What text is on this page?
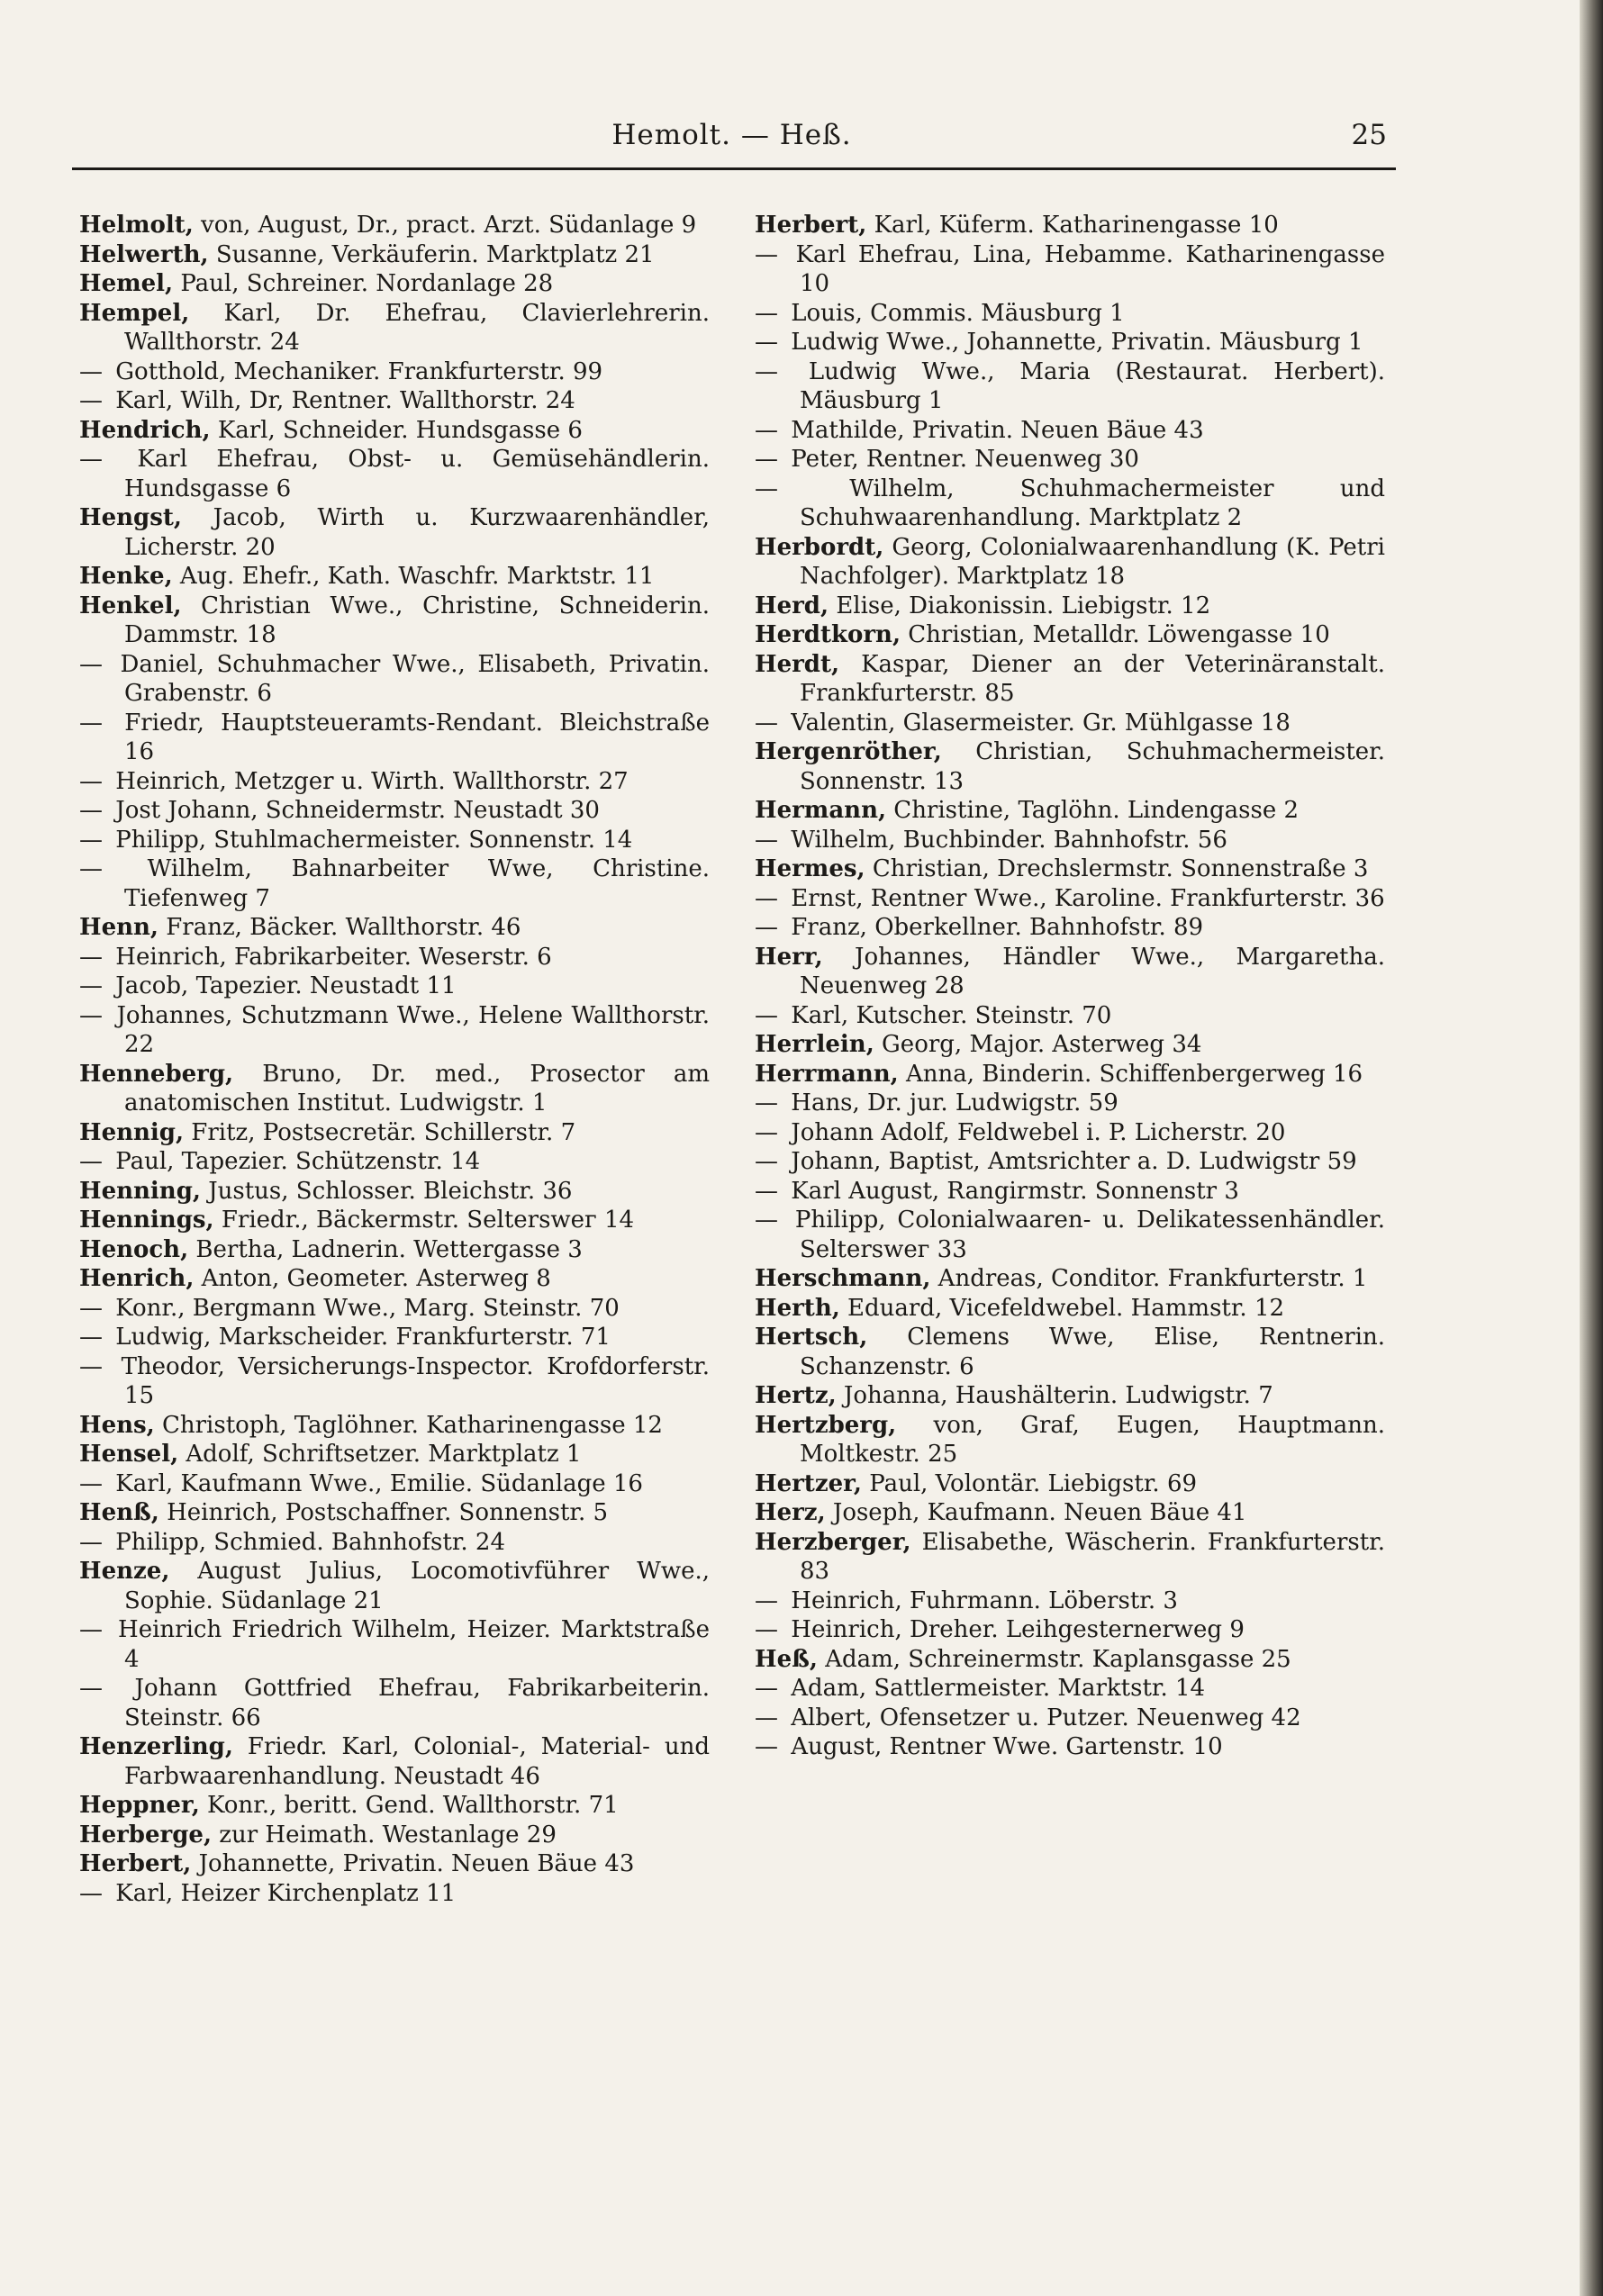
Hemolt. — Heß.	25
Helmolt, von, August, Dr., pract. Arzt. Südanlage 9
Helwerth, Susanne, Verkäuferin. Marktplatz 21
Hemel, Paul, Schreiner. Nordanlage 28
Hempel, Karl, Dr. Ehefrau, Clavierlehrerin. Wallthorstr. 24
— Gotthold, Mechaniker. Frankfurterstr. 99
— Karl, Wilh, Dr, Rentner. Wallthorstr. 24
Hendrich, Karl, Schneider. Hundsgasse 6
— Karl Ehefrau, Obst- u. Gemüsehändlerin. Hundsgasse 6
Hengst, Jacob, Wirth u. Kurzwaarenhändler, Licherstr. 20
Henke, Aug. Ehefr., Kath. Waschfr. Marktstr. 11
Henkel, Christian Wwe., Christine, Schneiderin. Dammstr. 18
— Daniel, Schuhmacher Wwe., Elisabeth, Privatin. Grabenstr. 6
— Friedr, Hauptsteueramts-Rendant. Bleichstraße 16
— Heinrich, Metzger u. Wirth. Wallthorstr. 27
— Jost Johann, Schneidermstr. Neustadt 30
— Philipp, Stuhlmachermeister. Sonnenstr. 14
— Wilhelm, Bahnarbeiter Wwe, Christine. Tiefenweg 7
Henn, Franz, Bäcker. Wallthorstr. 46
— Heinrich, Fabrikarbeiter. Weserstr. 6
— Jacob, Tapezier. Neustadt 11
— Johannes, Schutzmann Wwe., Helene Wallthorstr. 22
Henneberg, Bruno, Dr. med., Prosector am anatomischen Institut. Ludwigstr. 1
Hennig, Fritz, Postsecretär. Schillerstr. 7
— Paul, Tapezier. Schützenstr. 14
Henning, Justus, Schlosser. Bleichstr. 36
Hennings, Friedr., Bäckermstr. Selterswег 14
Henoch, Bertha, Ladnerin. Wettergasse 3
Henrich, Anton, Geometer. Asterweg 8
— Konr., Bergmann Wwe., Marg. Steinstr. 70
— Ludwig, Markscheider. Frankfurterstr. 71
— Theodor, Versicherungs-Inspector. Krofdorferstr. 15
Hens, Christoph, Taglöhner. Katharinengasse 12
Hensel, Adolf, Schriftsetzer. Marktplatz 1
— Karl, Kaufmann Wwe., Emilie. Südanlage 16
Henß, Heinrich, Postschaffner. Sonnenstr. 5
— Philipp, Schmied. Bahnhofstr. 24
Henze, August Julius, Locomotivführer Wwe., Sophie. Südanlage 21
— Heinrich Friedrich Wilhelm, Heizer. Marktstraße 4
— Johann Gottfried Ehefrau, Fabrikarbeiterin. Steinstr. 66
Henzerling, Friedr. Karl, Colonial-, Material- und Farbwaarenhandlung. Neustadt 46
Heppner, Konr., beritt. Gend. Wallthorstr. 71
Herberge, zur Heimath. Westanlage 29
Herbert, Johannette, Privatin. Neuen Bäue 43
— Karl, Heizer Kirchenplatz 11
Herbert, Karl, Küferm. Katharinengasse 10
— Karl Ehefrau, Lina, Hebamme. Katharinengasse 10
— Louis, Commis. Mäusburg 1
— Ludwig Wwe., Johannette, Privatin. Mäusburg 1
— Ludwig Wwe., Maria (Restaurat. Herbert). Mäusburg 1
— Mathilde, Privatin. Neuen Bäue 43
— Peter, Rentner. Neuenweg 30
—	Wilhelm, Schuhmachermeister und Schuhwaarenhandlung. Marktplatz 2
Herbordt, Georg, Colonialwaarenhandlung (K. Petri Nachfolger). Marktplatz 18
Herd, Elise, Diakonissin. Liebigstr. 12
Herdtkorn, Christian, Metalldr. Löwengasse 10
Herdt, Kaspar, Diener an der Veterinäranstalt. Frankfurterstr. 85
— Valentin, Glasermeister. Gr. Mühlgasse 18
Hergenröther, Christian, Schuhmachermeister. Sonnenstr. 13
Hermann, Christine, Taglöhn. Lindengasse 2
— Wilhelm, Buchbinder. Bahnhofstr. 56
Hermes, Christian, Drechslermstr. Sonnenstraße 3
— Ernst, Rentner Wwe., Karoline. Frankfurterstr. 36
— Franz, Oberkellner. Bahnhofstr. 89
Herr, Johannes, Händler Wwe., Margaretha. Neuenweg 28
— Karl, Kutscher. Steinstr. 70
Herrlein, Georg, Major. Asterweg 34
Herrmann, Anna, Binderin. Schiffenbergerweg 16
— Hans, Dr. jur. Ludwigstr. 59
— Johann Adolf, Feldwebel i. P. Licherstr. 20
— Johann, Baptist, Amtsrichter a. D. Ludwigstr 59
— Karl August, Rangirmstr. Sonnenstr 3
— Philipp, Colonialwaaren- u. Delikatessenhändler. Selterswег 33
Herschmann, Andreas, Conditor. Frankfurterstr. 1
Herth, Eduard, Vicefeldwebel. Hammstr. 12
Hertsch, Clemens Wwe, Elise, Rentnerin. Schanzenstr. 6
Hertz, Johanna, Haushälterin. Ludwigstr. 7
Hertzberg, von, Graf, Eugen, Hauptmann. Moltkestr. 25
Hertzer, Paul, Volontär. Liebigstr. 69
Herz, Joseph, Kaufmann. Neuen Bäue 41
Herzberger, Elisabethe, Wäscherin. Frankfurterstr. 83
— Heinrich, Fuhrmann. Löberstr. 3
— Heinrich, Dreher. Leihgesternerweg 9
Heß, Adam, Schreinermstr. Kaplansgasse 25
— Adam, Sattlermeister. Marktstr. 14
— Albert, Ofensetzer u. Putzer. Neuenweg 42
— August, Rentner Wwe. Gartenstr. 10
